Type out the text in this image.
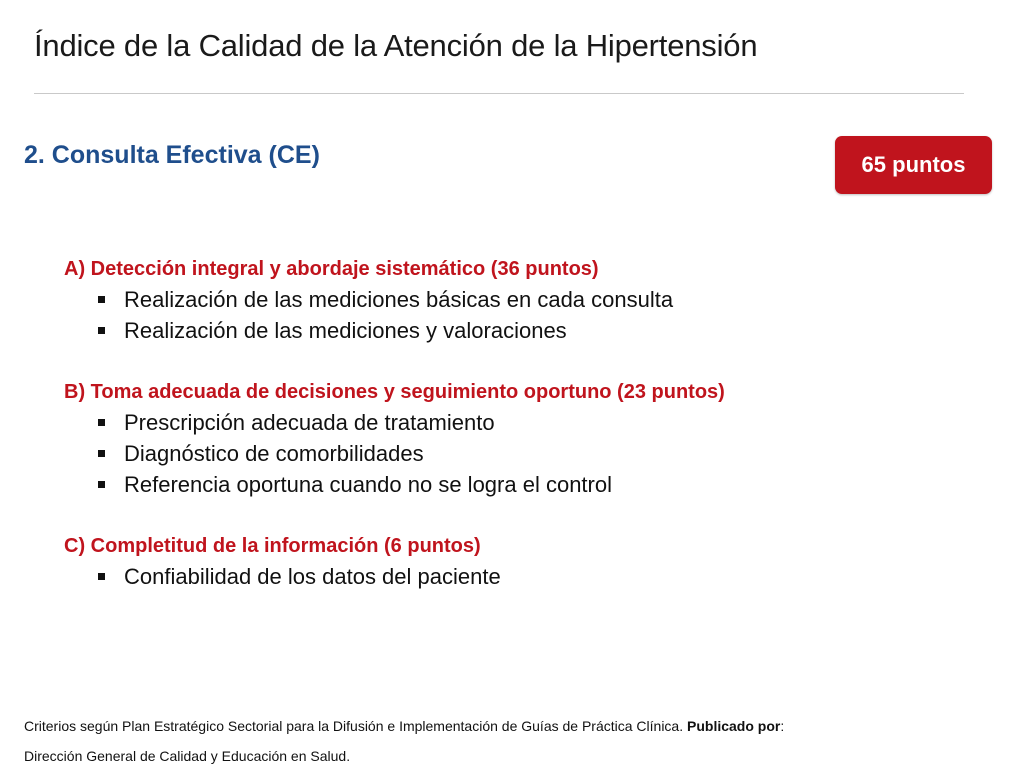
Índice de la Calidad de la Atención de la Hipertensión
2. Consulta Efectiva (CE)	65 puntos
A) Detección integral y abordaje sistemático (36 puntos)
Realización de las mediciones básicas en cada consulta
Realización de las mediciones y valoraciones
B) Toma adecuada de decisiones y seguimiento oportuno (23 puntos)
Prescripción adecuada de tratamiento
Diagnóstico de comorbilidades
Referencia oportuna cuando no se logra el control
C) Completitud de la información (6 puntos)
Confiabilidad de los datos del paciente
Criterios según Plan Estratégico Sectorial para la Difusión e Implementación de Guías de Práctica Clínica. Publicado por:
Dirección General de Calidad y Educación en Salud.
